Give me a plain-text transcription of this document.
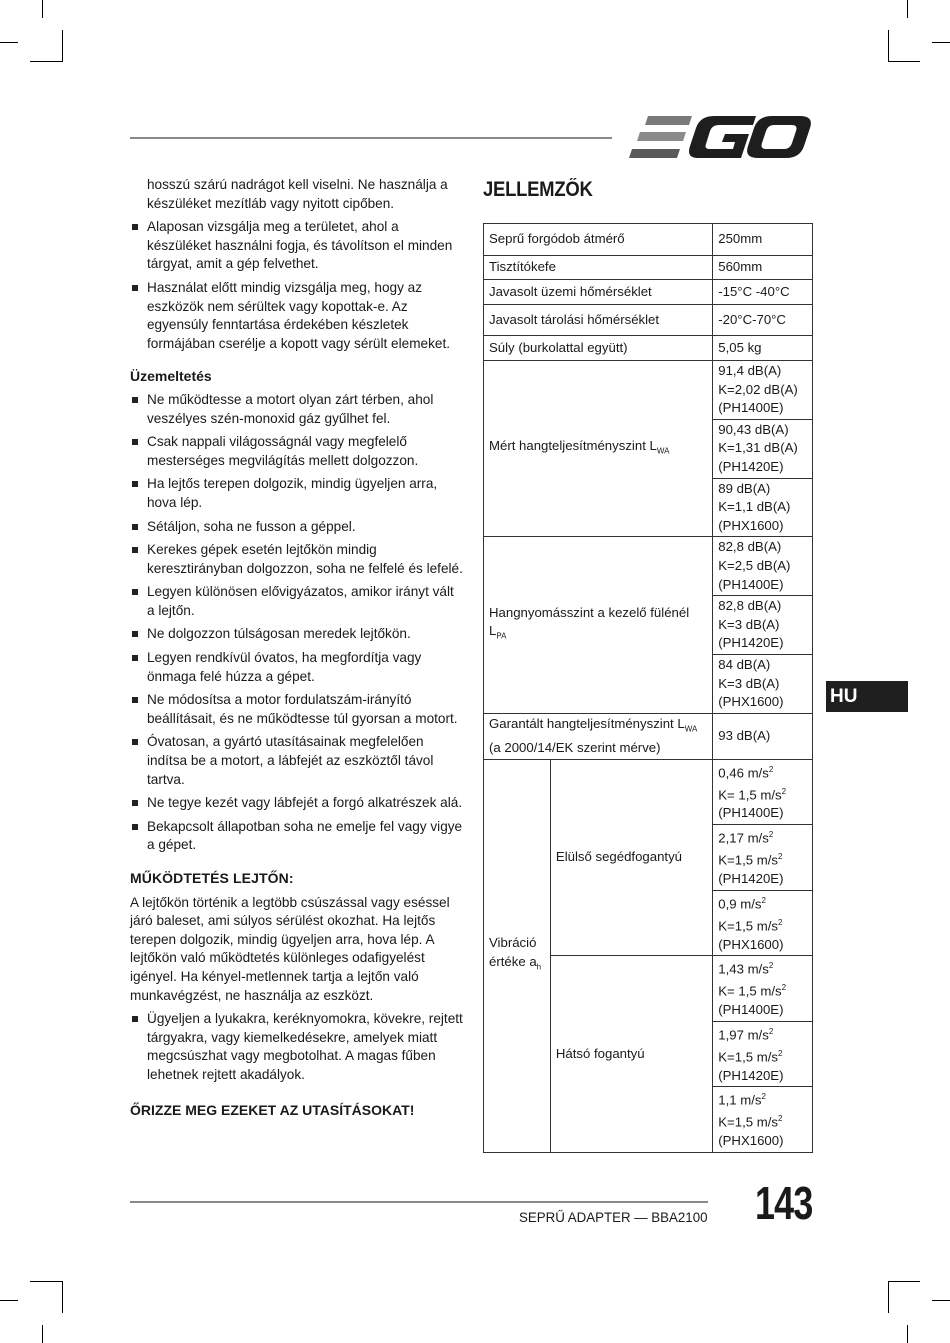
hosszú szárú nadrágot kell viselni. Ne használja a készüléket mezítláb vagy nyitott cipőben.

Alaposan vizsgálja meg a területet, ahol a készüléket használni fogja, és távolítson el minden tárgyat, amit a gép felvethet.
Használat előtt mindig vizsgálja meg, hogy az eszközök nem sérültek vagy kopottak-e. Az egyensúly fenntartása érdekében készletek formájában cserélje a kopott vagy sérült elemeket.
Üzemeltetés
Ne működtesse a motort olyan zárt térben, ahol veszélyes szén-monoxid gáz gyűlhet fel.
Csak nappali világosságnál vagy megfelelő mesterséges megvilágítás mellett dolgozzon.
Ha lejtős terepen dolgozik, mindig ügyeljen arra, hova lép.
Sétáljon, soha ne fusson a géppel.
Kerekes gépek esetén lejtőkön mindig keresztirányban dolgozzon, soha ne felfelé és lefelé.
Legyen különösen elővigyázatos, amikor irányt vált a lejtőn.
Ne dolgozzon túlságosan meredek lejtőkön.
Legyen rendkívül óvatos, ha megfordítja vagy önmaga felé húzza a gépet.
Ne módosítsa a motor fordulatszám-irányító beállításait, és ne működtesse túl gyorsan a motort.
Óvatosan, a gyártó utasításainak megfelelően indítsa be a motort, a lábfejét az eszköztől távol tartva.
Ne tegye kezét vagy lábfejét a forgó alkatrészek alá.
Bekapcsolt állapotban soha ne emelje fel vagy vigye a gépet.
MŰKÖDTETÉS LEJTŐN:

A lejtőkön történik a legtöbb csúszással vagy eséssel járó baleset, ami súlyos sérülést okozhat. Ha lejtős terepen dolgozik, mindig ügyeljen arra, hova lép. A lejtőkön való működtetés különleges odafigyelést igényel. Ha kényel-metlennek tartja a lejtőn való munkavégzést, ne használja az eszközt.

Ügyeljen a lyukakra, keréknyomokra, kövekre, rejtett tárgyakra, vagy kiemelkedésekre, amelyek miatt megcsúszhat vagy megbotolhat. A magas fűben lehetnek rejtett akadályok.
ŐRIZZE MEG EZEKET AZ UTASÍTÁSOKAT!
JELLEMZŐK
Seprű forgódob átmérő		250mm
Tisztítókefe		560mm
Javasolt üzemi hőmérséklet		-15°C -40°C
Javasolt tárolási hőmérséklet		-20°C-70°C
Súly (burkolattal együtt)		5,05 kg
Mért hangteljesítményszint $L_{WA}$		91,4 dB(A)
K=2,02 dB(A)
(PH1400E)

		90,43 dB(A)
K=1,31 dB(A)
(PH1420E)

		89 dB(A)
K=1,1 dB(A)
(PHX1600)

Hangnyomásszint a kezelő fülénél $L_{PA}$		82,8 dB(A)
K=2,5 dB(A)
(PH1400E)

		82,8 dB(A)
K=3 dB(A)
(PH1420E)

		84 dB(A)
K=3 dB(A)
(PHX1600)

Garantált hangteljesítményszint $L_{WA}$ (a 2000/14/EK szerint mérve)		93 dB(A)
Vibráció értéke $a_h$	Elülső segédfogantyú	0,46 $m/s^2$
K= 1,5 $m/s^2$
(PH1400E)

		2,17 $m/s^2$
K=1,5 $m/s^2$
(PH1420E)

		0,9 $m/s^2$
K=1,5 $m/s^2$
(PHX1600)

	Hátsó fogantyú	1,43 $m/s^2$
K= 1,5 $m/s^2$
(PH1400E)

		1,97 $m/s^2$
K=1,5 $m/s^2$
(PH1420E)

		1,1 $m/s^2$
K=1,5 $m/s^2$
(PHX1600)
HU
SEPRŰ ADAPTER — BBA2100 143
